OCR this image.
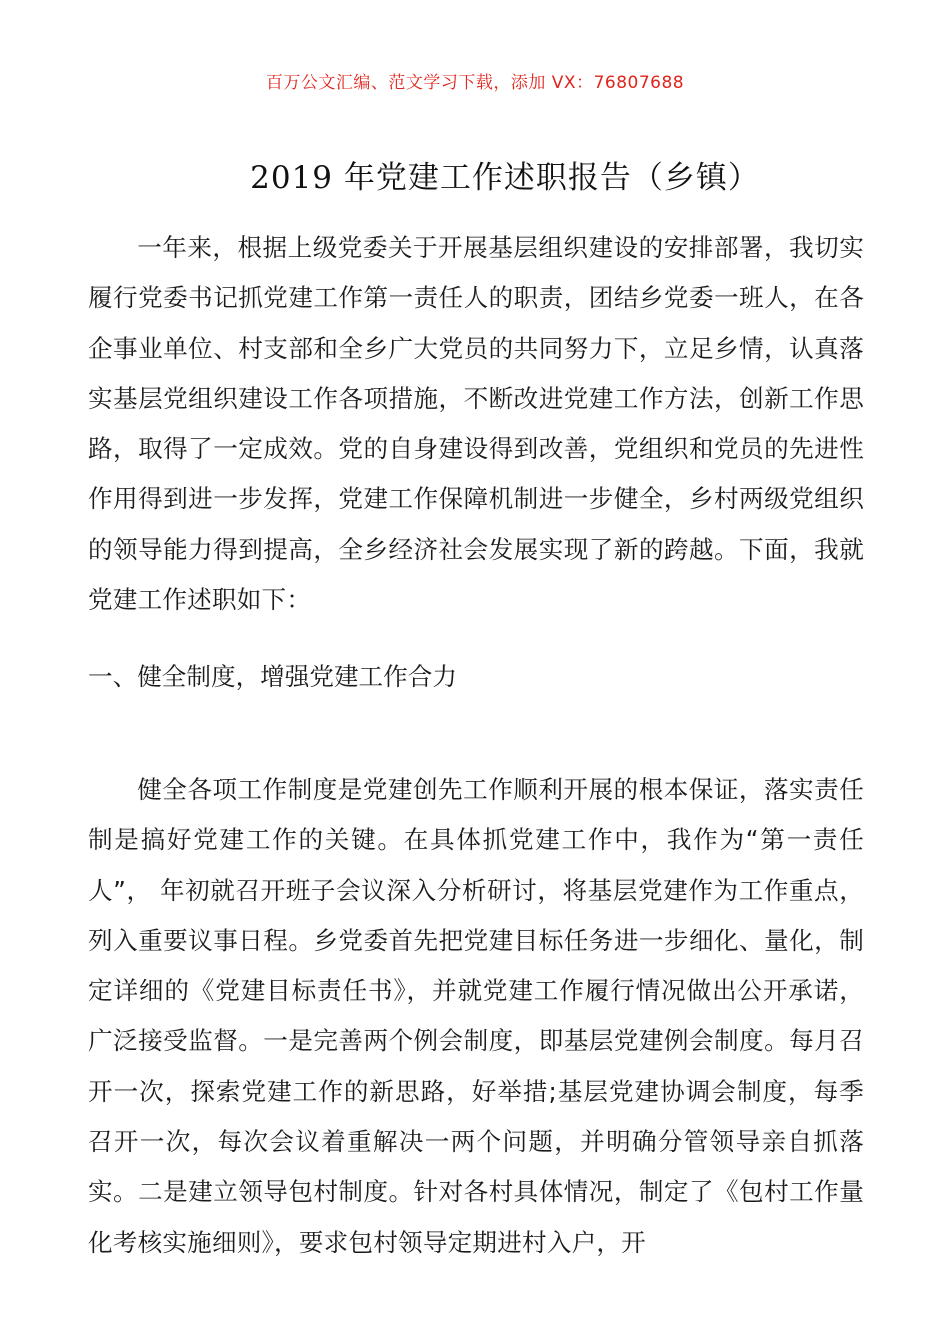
百万公文汇编、范文学习下载，添加 VX：76807688
2019 年党建工作述职报告（乡镇）

一年来，根据上级党委关于开展基层组织建设的安排部署，我切实履行党委书记抓党建工作第一责任人的职责，团结乡党委一班人，在各企事业单位、村支部和全乡广大党员的共同努力下，立足乡情，认真落实基层党组织建设工作各项措施，不断改进党建工作方法，创新工作思路，取得了一定成效。党的自身建设得到改善，党组织和党员的先进性作用得到进一步发挥，党建工作保障机制进一步健全，乡村两级党组织的领导能力得到提高，全乡经济社会发展实现了新的跨越。下面，我就党建工作述职如下：

一、健全制度，增强党建工作合力

健全各项工作制度是党建创先工作顺利开展的根本保证，落实责任制是搞好党建工作的关键。在具体抓党建工作中，我作为“第一责任人”， 年初就召开班子会议深入分析研讨，将基层党建作为工作重点，列入重要议事日程。乡党委首先把党建目标任务进一步细化、量化，制定详细的《党建目标责任书》，并就党建工作履行情况做出公开承诺，广泛接受监督。一是完善两个例会制度，即基层党建例会制度。每月召开一次，探索党建工作的新思路，好举措;基层党建协调会制度，每季召开一次，每次会议着重解决一两个问题，并明确分管领导亲自抓落实。二是建立领导包村制度。针对各村具体情况，制定了《包村工作量化考核实施细则》，要求包村领导定期进村入户，开
